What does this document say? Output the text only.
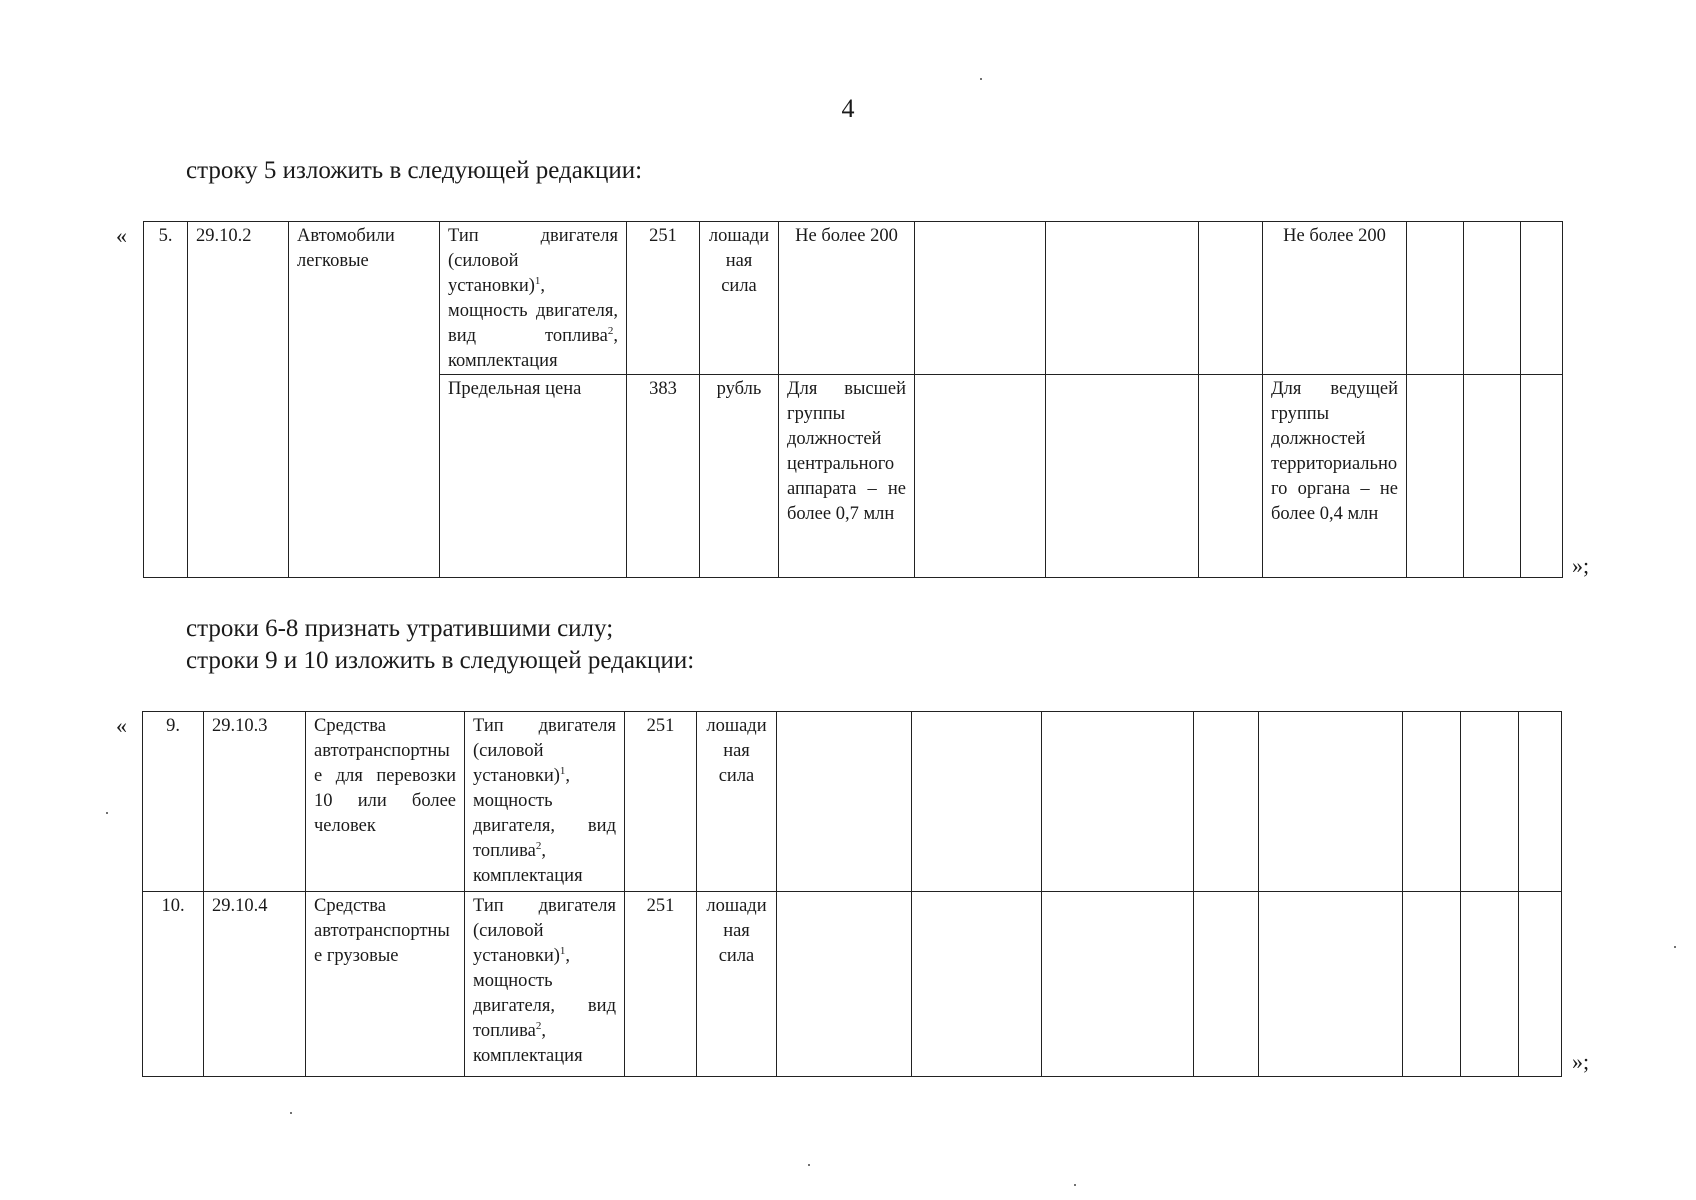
4
строку 5 изложить в следующей редакции:
« 5.	29.10.2	Автомобили легковые	Тип двигателя (силовой установки)$^1$, мощность двигателя, вид топлива$^2$, комплектация	251	лошадиная сила	Не более 200				Не более 200			
			Предельная цена	383	рубль	Для высшей группы должностей центрального аппарата – не более 0,7 млн				Для ведущей группы должностей территориального органа – не более 0,4 млн			
»;
строки 6-8 признать утратившими силу;
строки 9 и 10 изложить в следующей редакции:
« 9.	29.10.3	Средства автотранспортные для перевозки 10 или более человек	Тип двигателя (силовой установки)$^1$, мощность двигателя, вид топлива$^2$, комплектация	251	лошадиная сила								
10.	29.10.4	Средства автотранспортные грузовые	Тип двигателя (силовой установки)$^1$, мощность двигателя, вид топлива$^2$, комплектация	251	лошадиная сила								
»;
